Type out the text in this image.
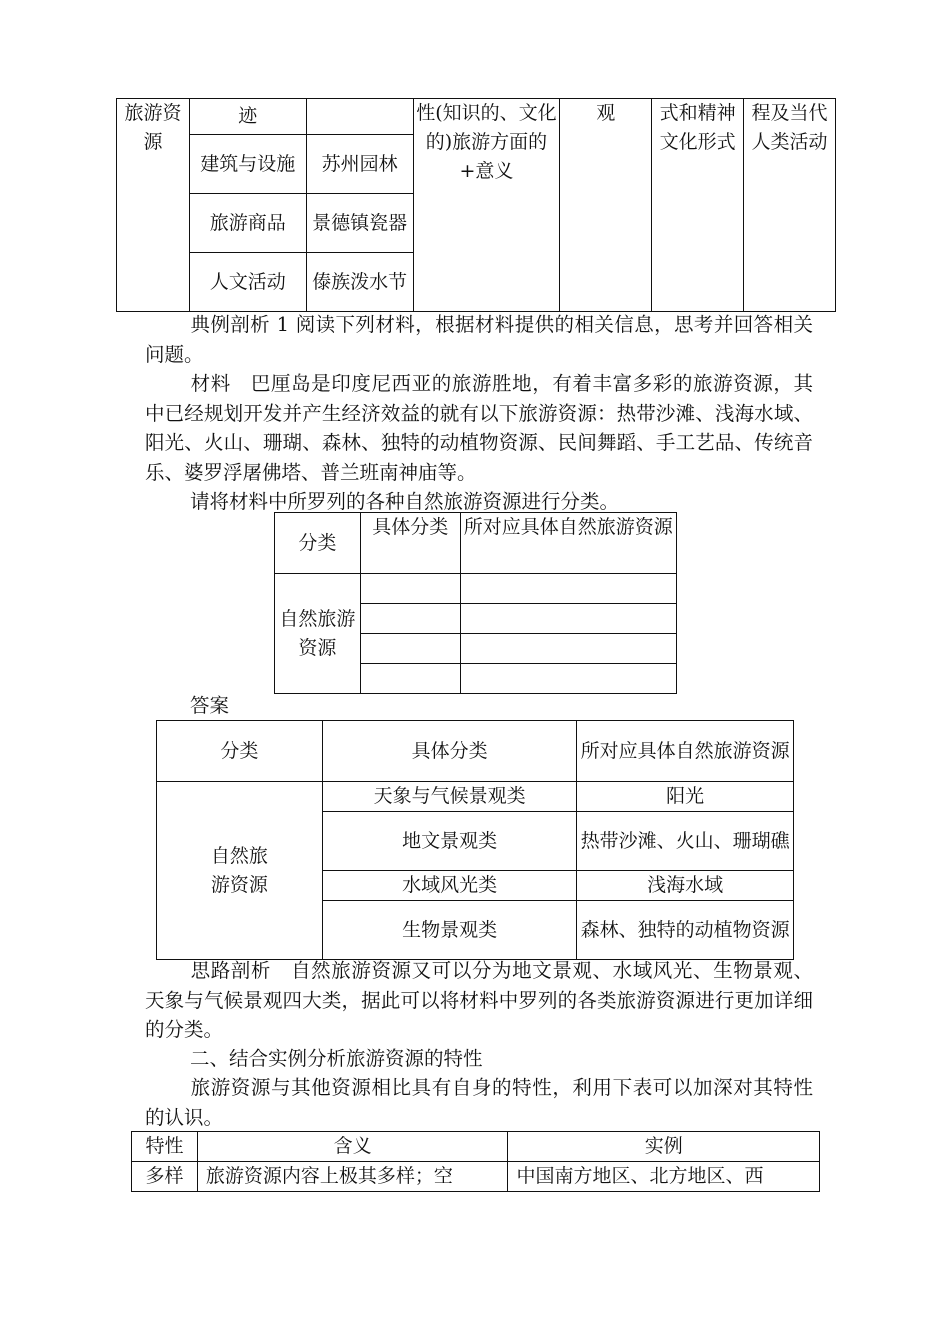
旅游资源	迹		性(知识的、文化的)旅游方面的+意义	观	式和精神文化形式	程及当代人类活动
	建筑与设施	苏州园林				
	旅游商品	景德镇瓷器				
	人文活动	傣族泼水节				

典例剖析 1 阅读下列材料，根据材料提供的相关信息，思考并回答相关问题。

材料　巴厘岛是印度尼西亚的旅游胜地，有着丰富多彩的旅游资源，其中已经规划开发并产生经济效益的就有以下旅游资源：热带沙滩、浅海水域、阳光、火山、珊瑚、森林、独特的动植物资源、民间舞蹈、手工艺品、传统音乐、婆罗浮屠佛塔、普兰班南神庙等。

请将材料中所罗列的各种自然旅游资源进行分类。

分类	具体分类	所对应具体自然旅游资源
自然旅游资源		

答案

分类	具体分类	所对应具体自然旅游资源
自然旅游资源	天象与气候景观类	阳光
	地文景观类	热带沙滩、火山、珊瑚礁
	水域风光类	浅海水域
	生物景观类	森林、独特的动植物资源

思路剖析　自然旅游资源又可以分为地文景观、水域风光、生物景观、天象与气候景观四大类，据此可以将材料中罗列的各类旅游资源进行更加详细的分类。

二、结合实例分析旅游资源的特性

旅游资源与其他资源相比具有自身的特性，利用下表可以加深对其特性的认识。

特性	含义	实例
多样	旅游资源内容上极其多样；空	中国南方地区、北方地区、西
